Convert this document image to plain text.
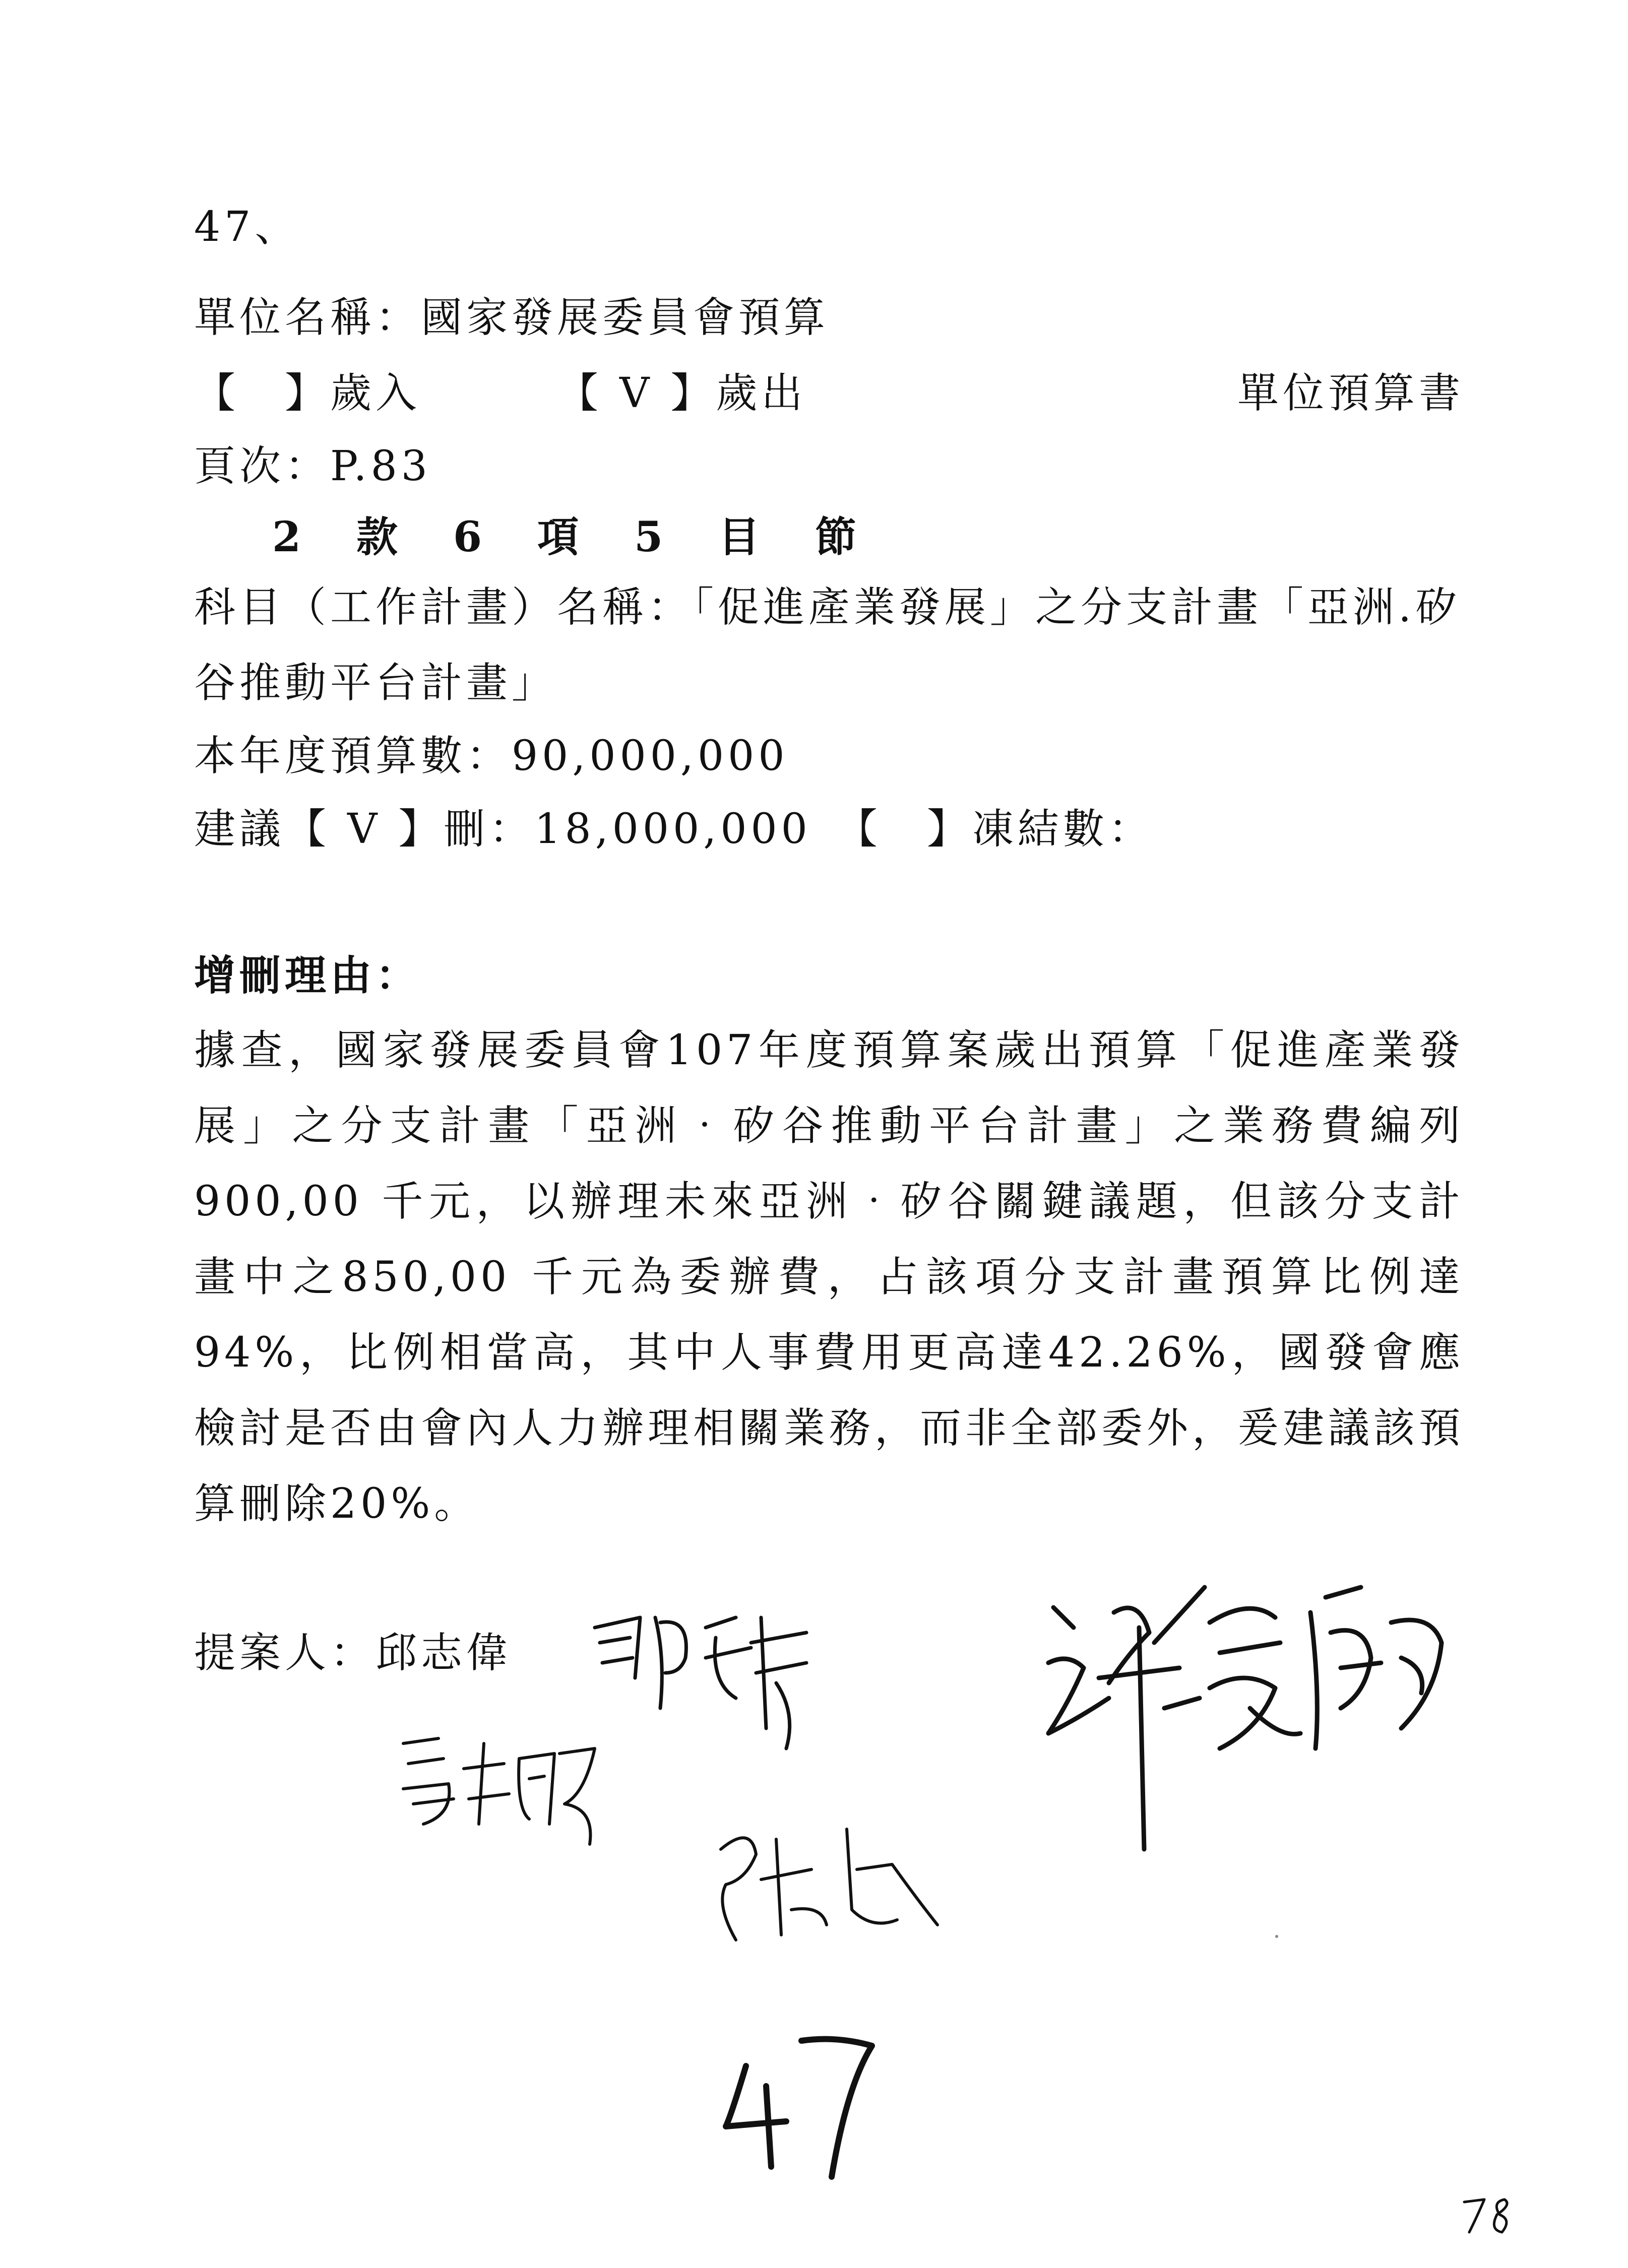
47、
單位名稱：國家發展委員會預算
【　】歲入	【 V 】歲出	單位預算書
頁次：P.83
2款6項5目節
科目（工作計畫）名稱：「促進產業發展」之分支計畫「亞洲.矽谷推動平台計畫」
本年度預算數：90,000,000
建議【 V 】刪：18,000,000　【　】凍結數：
增刪理由：
據查，國家發展委員會107年度預算案歲出預算「促進產業發展」之分支計畫「亞洲‧矽谷推動平台計畫」之業務費編列900,00 千元，以辦理未來亞洲‧矽谷關鍵議題，但該分支計畫中之850,00 千元為委辦費，占該項分支計畫預算比例達94%，比例相當高，其中人事費用更高達42.26%，國發會應檢討是否由會內人力辦理相關業務，而非全部委外，爰建議該預算刪除20%。
提案人：邱志偉
